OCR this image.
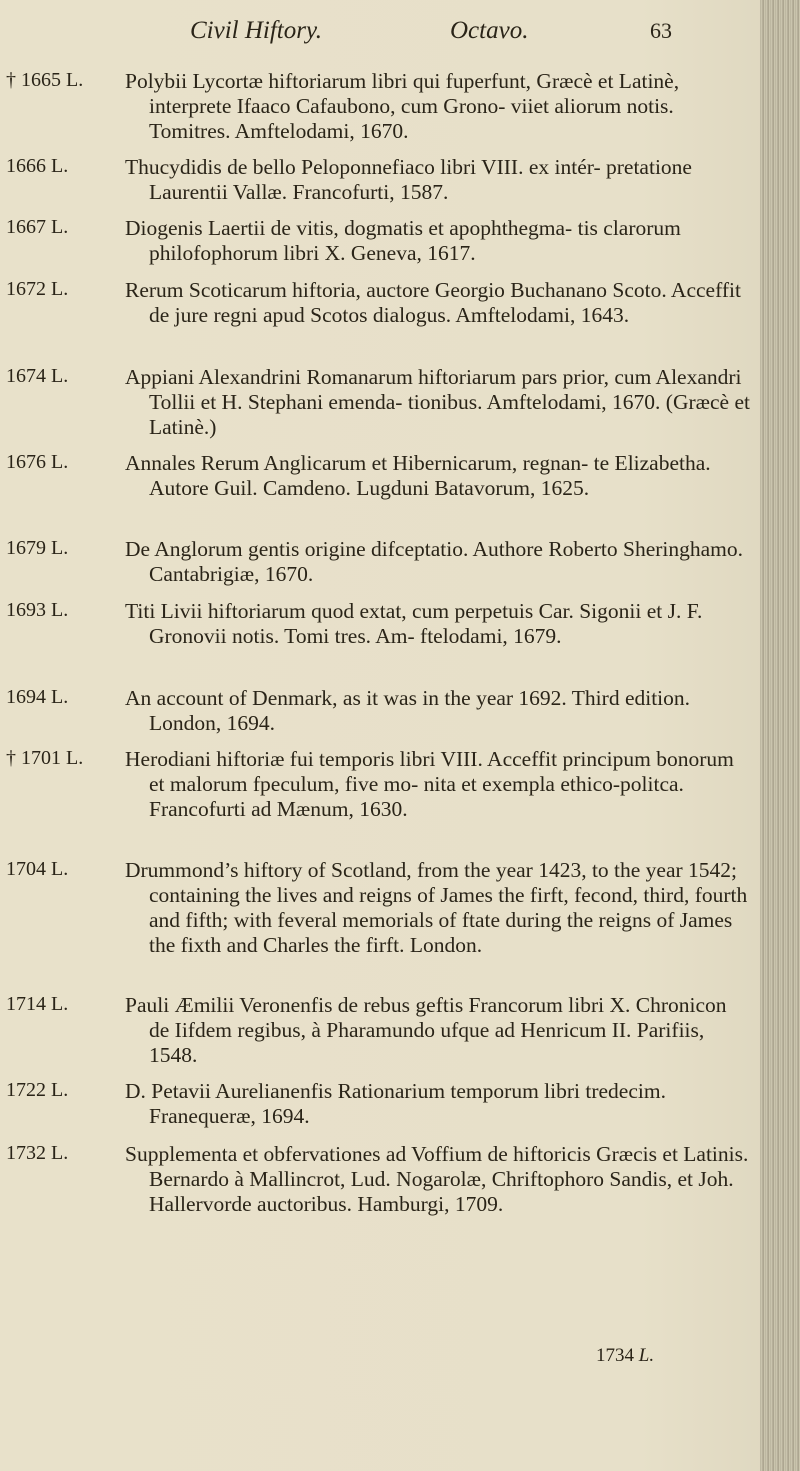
Civil Hiftory.	Octavo.	63
† 1665 L.	Polybii Lycortæ hiftoriarum libri qui fuperfunt, Græcè et Latinè, interprete Ifaaco Cafaubono, cum Grono- viiet aliorum notis. Tomitres. Amftelodami, 1670.
1666 L.	Thucydidis de bello Peloponnefiaco libri VIII. ex intér- pretatione Laurentii Vallæ. Francofurti, 1587.
1667 L.	Diogenis Laertii de vitis, dogmatis et apophthegma- tis clarorum philofophorum libri X. Geneva, 1617.
1672 L.	Rerum Scoticarum hiftoria, auctore Georgio Buchanano Scoto. Acceffit de jure regni apud Scotos dialogus. Amftelodami, 1643.
1674 L.	Appiani Alexandrini Romanarum hiftoriarum pars prior, cum Alexandri Tollii et H. Stephani emenda- tionibus. Amftelodami, 1670. (Græcè et Latinè.)
1676 L.	Annales Rerum Anglicarum et Hibernicarum, regnan- te Elizabetha. Autore Guil. Camdeno. Lugduni Batavorum, 1625.
1679 L.	De Anglorum gentis origine difceptatio. Authore Roberto Sheringhamo. Cantabrigiæ, 1670.
1693 L.	Titi Livii hiftoriarum quod extat, cum perpetuis Car. Sigonii et J. F. Gronovii notis. Tomi tres. Am- ftelodami, 1679.
1694 L.	An account of Denmark, as it was in the year 1692. Third edition. London, 1694.
† 1701 L.	Herodiani hiftoriæ fui temporis libri VIII. Acceffit principum bonorum et malorum fpeculum, five mo- nita et exempla ethico-politca. Francofurti ad Mænum, 1630.
1704 L.	Drummond’s hiftory of Scotland, from the year 1423, to the year 1542; containing the lives and reigns of James the firft, fecond, third, fourth and fifth; with feveral memorials of ftate during the reigns of James the fixth and Charles the firft. London.
1714 L.	Pauli Æmilii Veronenfis de rebus geftis Francorum libri X. Chronicon de Iifdem regibus, à Pharamundo ufque ad Henricum II. Parifiis, 1548.
1722 L.	D. Petavii Aurelianenfis Rationarium temporum libri tredecim. Franequeræ, 1694.
1732 L.	Supplementa et obfervationes ad Voffium de hiftoricis Græcis et Latinis. Bernardo à Mallincrot, Lud. Nogarolæ, Chriftophoro Sandis, et Joh. Hallervorde auctoribus. Hamburgi, 1709.
1734 L.
